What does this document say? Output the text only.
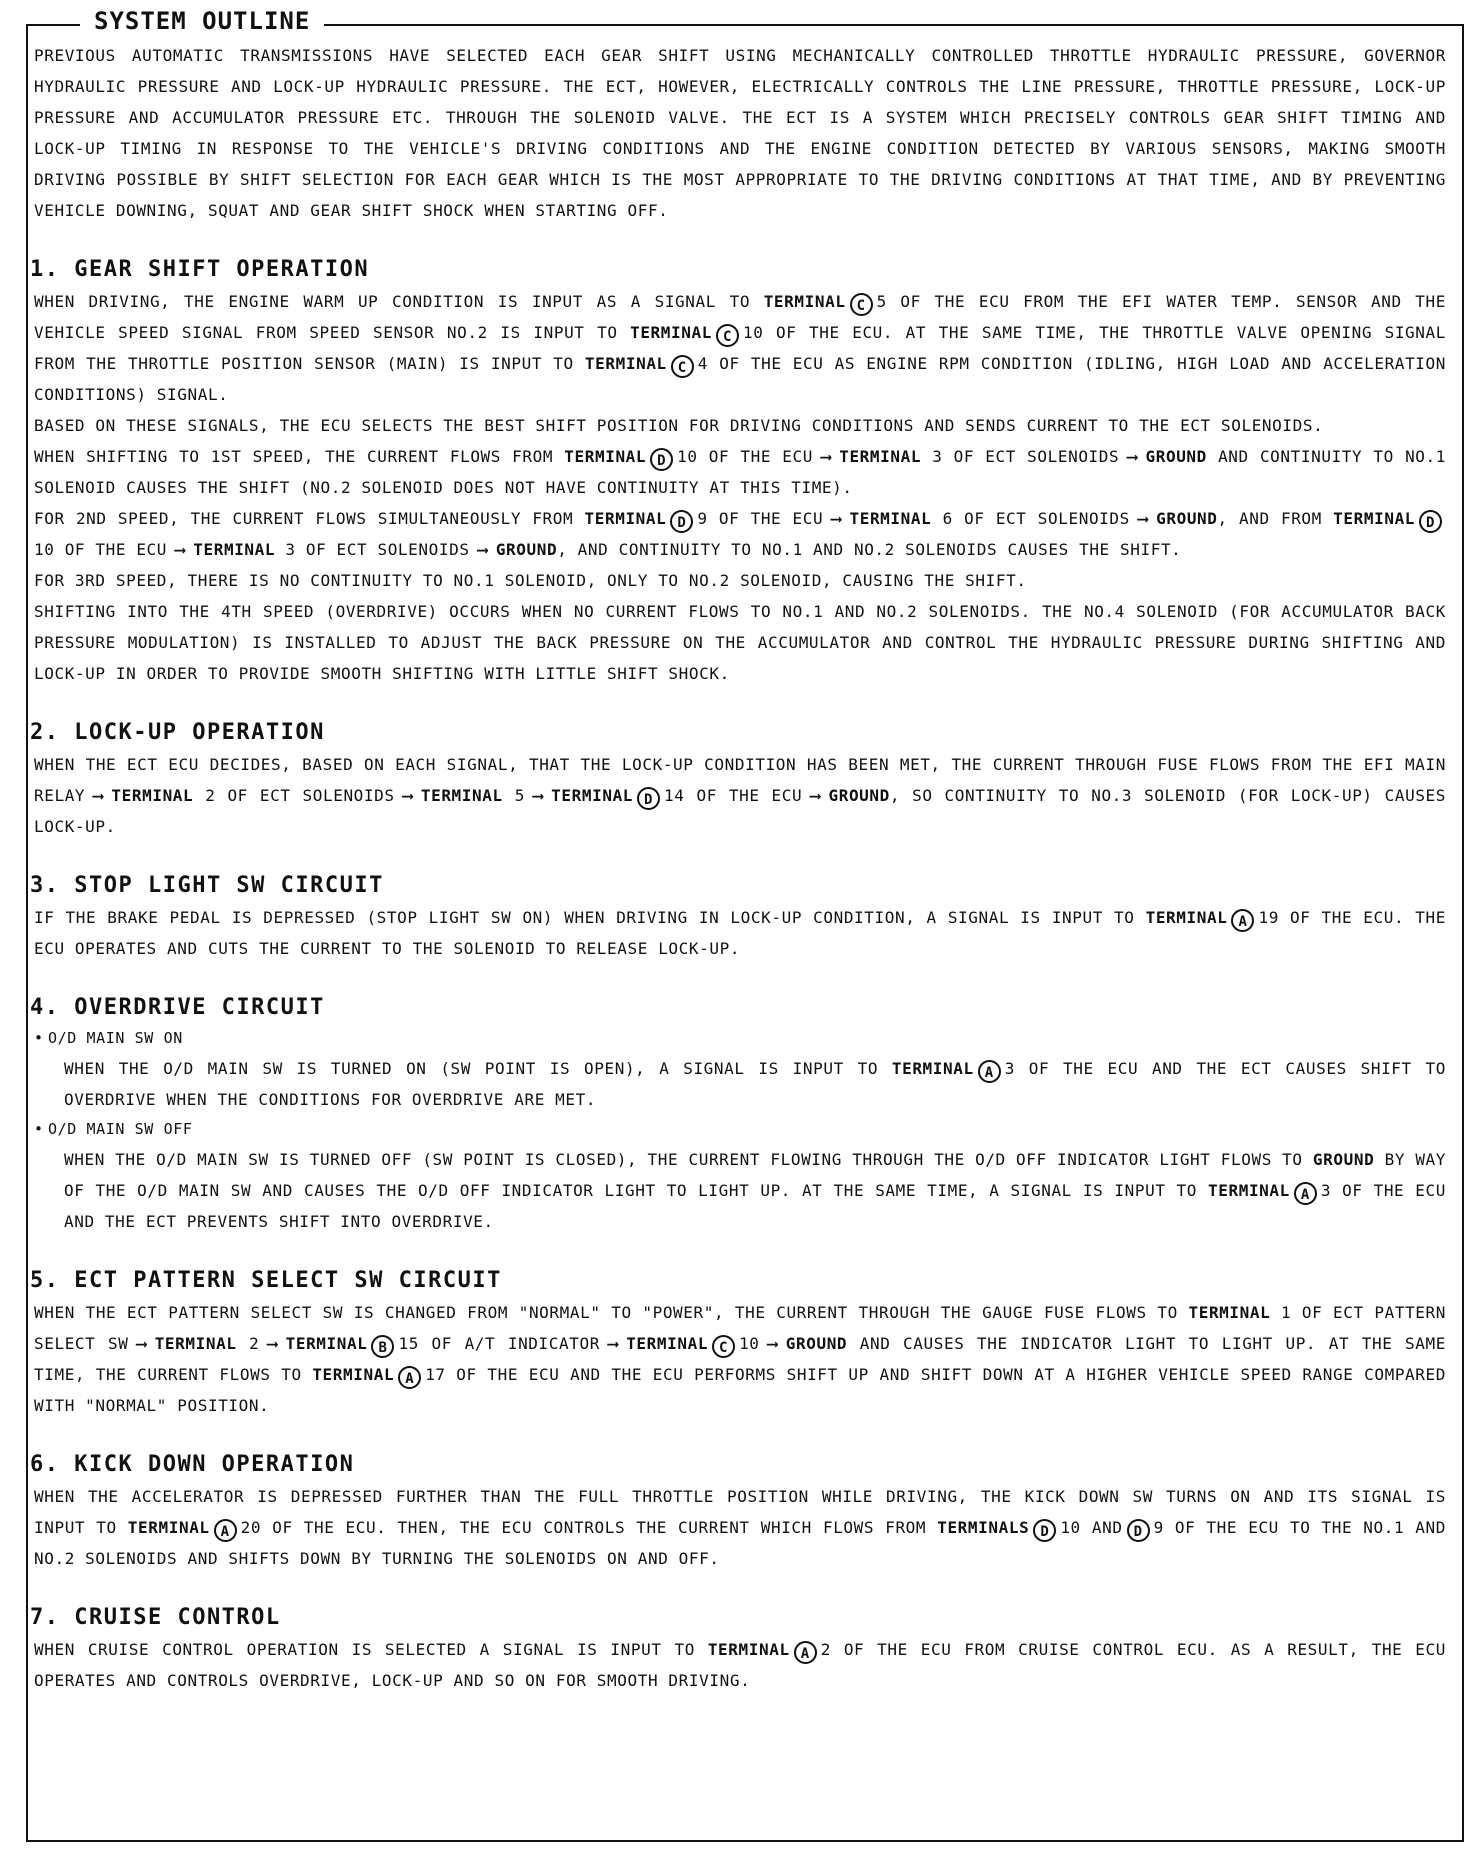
SYSTEM OUTLINE

PREVIOUS AUTOMATIC TRANSMISSIONS HAVE SELECTED EACH GEAR SHIFT USING MECHANICALLY CONTROLLED THROTTLE HYDRAULIC PRESSURE, GOVERNOR HYDRAULIC PRESSURE AND LOCK-UP HYDRAULIC PRESSURE. THE ECT, HOWEVER, ELECTRICALLY CONTROLS THE LINE PRESSURE, THROTTLE PRESSURE, LOCK-UP PRESSURE AND ACCUMULATOR PRESSURE ETC. THROUGH THE SOLENOID VALVE. THE ECT IS A SYSTEM WHICH PRECISELY CONTROLS GEAR SHIFT TIMING AND LOCK-UP TIMING IN RESPONSE TO THE VEHICLE'S DRIVING CONDITIONS AND THE ENGINE CONDITION DETECTED BY VARIOUS SENSORS, MAKING SMOOTH DRIVING POSSIBLE BY SHIFT SELECTION FOR EACH GEAR WHICH IS THE MOST APPROPRIATE TO THE DRIVING CONDITIONS AT THAT TIME, AND BY PREVENTING VEHICLE DOWNING, SQUAT AND GEAR SHIFT SHOCK WHEN STARTING OFF.

1. GEAR SHIFT OPERATION

WHEN DRIVING, THE ENGINE WARM UP CONDITION IS INPUT AS A SIGNAL TO TERMINAL C 5 OF THE ECU FROM THE EFI WATER TEMP. SENSOR AND THE VEHICLE SPEED SIGNAL FROM SPEED SENSOR NO.2 IS INPUT TO TERMINAL C 10 OF THE ECU. AT THE SAME TIME, THE THROTTLE VALVE OPENING SIGNAL FROM THE THROTTLE POSITION SENSOR (MAIN) IS INPUT TO TERMINAL C 4 OF THE ECU AS ENGINE RPM CONDITION (IDLING, HIGH LOAD AND ACCELERATION CONDITIONS) SIGNAL.

BASED ON THESE SIGNALS, THE ECU SELECTS THE BEST SHIFT POSITION FOR DRIVING CONDITIONS AND SENDS CURRENT TO THE ECT SOLENOIDS.

WHEN SHIFTING TO 1ST SPEED, THE CURRENT FLOWS FROM TERMINAL D 10 OF THE ECU ⟶ TERMINAL 3 OF ECT SOLENOIDS ⟶ GROUND AND CONTINUITY TO NO.1 SOLENOID CAUSES THE SHIFT (NO.2 SOLENOID DOES NOT HAVE CONTINUITY AT THIS TIME).

FOR 2ND SPEED, THE CURRENT FLOWS SIMULTANEOUSLY FROM TERMINAL D 9 OF THE ECU ⟶ TERMINAL 6 OF ECT SOLENOIDS ⟶ GROUND, AND FROM TERMINAL D10 OF THE ECU ⟶ TERMINAL 3 OF ECT SOLENOIDS ⟶ GROUND, AND CONTINUITY TO NO.1 AND NO.2 SOLENOIDS CAUSES THE SHIFT.

FOR 3RD SPEED, THERE IS NO CONTINUITY TO NO.1 SOLENOID, ONLY TO NO.2 SOLENOID, CAUSING THE SHIFT.

SHIFTING INTO THE 4TH SPEED (OVERDRIVE) OCCURS WHEN NO CURRENT FLOWS TO NO.1 AND NO.2 SOLENOIDS. THE NO.4 SOLENOID (FOR ACCUMULATOR BACK PRESSURE MODULATION) IS INSTALLED TO ADJUST THE BACK PRESSURE ON THE ACCUMULATOR AND CONTROL THE HYDRAULIC PRESSURE DURING SHIFTING AND LOCK-UP IN ORDER TO PROVIDE SMOOTH SHIFTING WITH LITTLE SHIFT SHOCK.

2. LOCK-UP OPERATION

WHEN THE ECT ECU DECIDES, BASED ON EACH SIGNAL, THAT THE LOCK-UP CONDITION HAS BEEN MET, THE CURRENT THROUGH FUSE FLOWS FROM THE EFI MAIN RELAY ⟶ TERMINAL 2 OF ECT SOLENOIDS ⟶ TERMINAL 5 ⟶ TERMINAL D 14 OF THE ECU ⟶ GROUND, SO CONTINUITY TO NO.3 SOLENOID (FOR LOCK-UP) CAUSES LOCK-UP.

3. STOP LIGHT SW CIRCUIT

IF THE BRAKE PEDAL IS DEPRESSED (STOP LIGHT SW ON) WHEN DRIVING IN LOCK-UP CONDITION, A SIGNAL IS INPUT TO TERMINAL A 19 OF THE ECU. THE ECU OPERATES AND CUTS THE CURRENT TO THE SOLENOID TO RELEASE LOCK-UP.

4. OVERDRIVE CIRCUIT
• O/D MAIN SW ON

WHEN THE O/D MAIN SW IS TURNED ON (SW POINT IS OPEN), A SIGNAL IS INPUT TO TERMINAL A 3 OF THE ECU AND THE ECT CAUSES SHIFT TO OVERDRIVE WHEN THE CONDITIONS FOR OVERDRIVE ARE MET.

• O/D MAIN SW OFF

WHEN THE O/D MAIN SW IS TURNED OFF (SW POINT IS CLOSED), THE CURRENT FLOWING THROUGH THE O/D OFF INDICATOR LIGHT FLOWS TO GROUND BY WAY OF THE O/D MAIN SW AND CAUSES THE O/D OFF INDICATOR LIGHT TO LIGHT UP. AT THE SAME TIME, A SIGNAL IS INPUT TO TERMINAL A 3 OF THE ECU AND THE ECT PREVENTS SHIFT INTO OVERDRIVE.

5. ECT PATTERN SELECT SW CIRCUIT

WHEN THE ECT PATTERN SELECT SW IS CHANGED FROM "NORMAL" TO "POWER", THE CURRENT THROUGH THE GAUGE FUSE FLOWS TO TERMINAL 1 OF ECT PATTERN SELECT SW ⟶ TERMINAL 2 ⟶ TERMINAL B 15 OF A/T INDICATOR ⟶ TERMINAL C 10 ⟶ GROUND AND CAUSES THE INDICATOR LIGHT TO LIGHT UP. AT THE SAME TIME, THE CURRENT FLOWS TO TERMINAL A 17 OF THE ECU AND THE ECU PERFORMS SHIFT UP AND SHIFT DOWN AT A HIGHER VEHICLE SPEED RANGE COMPARED WITH "NORMAL" POSITION.

6. KICK DOWN OPERATION

WHEN THE ACCELERATOR IS DEPRESSED FURTHER THAN THE FULL THROTTLE POSITION WHILE DRIVING, THE KICK DOWN SW TURNS ON AND ITS SIGNAL IS INPUT TO TERMINAL A 20 OF THE ECU. THEN, THE ECU CONTROLS THE CURRENT WHICH FLOWS FROM TERMINALS D 10 AND D 9 OF THE ECU TO THE NO.1 AND NO.2 SOLENOIDS AND SHIFTS DOWN BY TURNING THE SOLENOIDS ON AND OFF.

7. CRUISE CONTROL

WHEN CRUISE CONTROL OPERATION IS SELECTED A SIGNAL IS INPUT TO TERMINAL A 2 OF THE ECU FROM CRUISE CONTROL ECU. AS A RESULT, THE ECU OPERATES AND CONTROLS OVERDRIVE, LOCK-UP AND SO ON FOR SMOOTH DRIVING.
